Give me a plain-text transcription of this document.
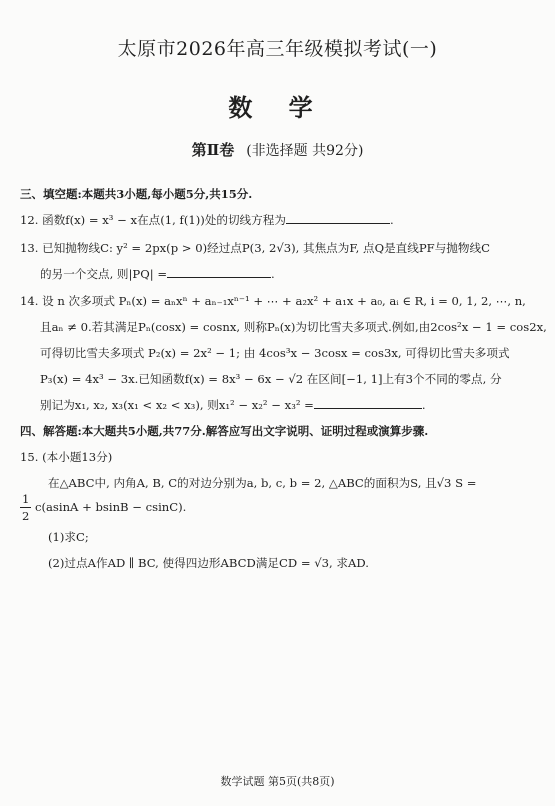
太原市2026年高三年级模拟考试(一)
数 学
第Ⅱ卷 (非选择题 共92分)
三、填空题:本题共3小题,每小题5分,共15分.
12. 函数f(x) = x³ − x在点(1, f(1))处的切线方程为	.
13. 已知抛物线C: y² = 2px(p > 0)经过点P(3, 2√3), 其焦点为F, 点Q是直线PF与抛物线C
的另一个交点, 则|PQ| =	.
14. 设 n 次多项式 Pₙ(x) = aₙxⁿ + aₙ₋₁xⁿ⁻¹ + ⋯ + a₂x² + a₁x + a₀, aᵢ ∈ R, i = 0, 1, 2, ⋯, n,
且aₙ ≠ 0.若其满足Pₙ(cosx) = cosnx, 则称Pₙ(x)为切比雪夫多项式.例如,由2cos²x − 1 = cos2x,
可得切比雪夫多项式 P₂(x) = 2x² − 1; 由 4cos³x − 3cosx = cos3x, 可得切比雪夫多项式
P₃(x) = 4x³ − 3x.已知函数f(x) = 8x³ − 6x − √2 在区间[−1, 1]上有3个不同的零点, 分
别记为x₁, x₂, x₃(x₁ < x₂ < x₃), 则x₁² − x₂² − x₃² =	.
四、解答题:本大题共5小题,共77分.解答应写出文字说明、证明过程或演算步骤.
15. (本小题13分)
在△ABC中, 内角A, B, C的对边分别为a, b, c, b = 2, △ABC的面积为S, 且√3 S =
1
2
c(asinA + bsinB − csinC).
(1)求C;
(2)过点A作AD ∥ BC, 使得四边形ABCD满足CD = √3, 求AD.
数学试题 第5页(共8页)
